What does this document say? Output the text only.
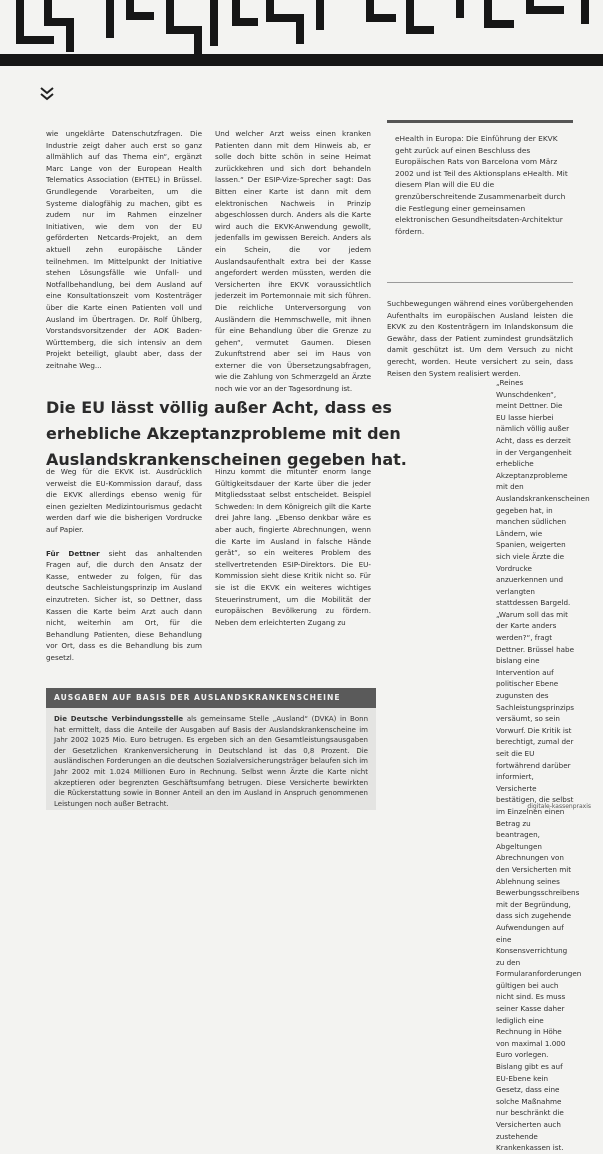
wie ungeklärte Datenschutzfragen. Die Industrie zeigt daher auch erst so ganz allmählich auf das Thema ein“, ergänzt Marc Lange von der European Health Telematics Association (EHTEL) in Brüssel. Grundlegende Vorarbeiten, um die Systeme dialogfähig zu machen, gibt es zudem nur im Rahmen einzelner Initiativen, wie dem von der EU geförderten Netcards-Projekt, an dem aktuell zehn europäische Länder teilnehmen. Im Mittelpunkt der Initiative stehen Lösungsfälle wie Unfall- und Notfallbehandlung, bei dem Ausland auf eine Konsultationszeit vom Kostenträger über die Karte einen Patienten voll und Ausland im Übertragen. Dr. Rolf Ühlberg, Vorstandsvorsitzender der AOK Baden-Württemberg, die sich intensiv an dem Projekt beteiligt, glaubt aber, dass der zeitnahe Weg...

Und welcher Arzt weiss einen kranken Patienten dann mit dem Hinweis ab, er solle doch bitte schön in seine Heimat zurückkehren und sich dort behandeln lassen.“ Der ESIP-Vize-Sprecher sagt: Das Bitten einer Karte ist dann mit dem elektronischen Nachweis in Prinzip abgeschlossen durch. Anders als die Karte wird auch die EKVK-Anwendung gewollt, jedenfalls im gewissen Bereich. Anders als ein Schein, die vor jedem Auslandsaufenthalt extra bei der Kasse angefordert werden müssten, werden die Versicherten ihre EKVK voraussichtlich jederzeit im Portemonnaie mit sich führen. Die reichliche Unterversorgung von Ausländern die Hemmschwelle, mit ihnen für eine Behandlung über die Grenze zu gehen“, vermutet Gaumen. Diesen Zukunftstrend aber sei im Haus von externer die von Übersetzungsabfragen, wie die Zahlung von Schmerzgeld an Ärzte noch wie vor an der Tagesordnung ist.

eHealth in Europa: Die Einführung der EKVK geht zurück auf einen Beschluss des Europäischen Rats von Barcelona vom März 2002 und ist Teil des Aktionsplans eHealth. Mit diesem Plan will die EU die grenzüberschreitende Zusammenarbeit durch die Festlegung einer gemeinsamen elektronischen Gesundheitsdaten-Architektur fördern.

Suchbewegungen während eines vorübergehenden Aufenthalts im europäischen Ausland leisten die EKVK zu den Kostenträgern im Inlandskonsum die Gewähr, dass der Patient zumindest grundsätzlich damit geschützt ist. Um dem Versuch zu nicht gerecht, worden. Heute versichert zu sein, dass Reisen den System realisiert werden.

Die EU lässt völlig außer Acht, dass es erhebliche Akzeptanzprobleme mit den Auslandskrankenscheinen gegeben hat.

„Reines Wunschdenken“, meint Dettner. Die EU lasse hierbei nämlich völlig außer Acht, dass es derzeit in der Vergangenheit erhebliche Akzeptanzprobleme mit den Auslandskrankenscheinen gegeben hat, in manchen südlichen Ländern, wie Spanien, weigerten sich viele Ärzte die Vordrucke anzuerkennen und verlangten stattdessen Bargeld. „Warum soll das mit der Karte anders werden?“, fragt Dettner. Brüssel habe bislang eine Intervention auf politischer Ebene zugunsten des Sachleistungsprinzips versäumt, so sein Vorwurf. Die Kritik ist berechtigt, zumal der seit die EU fortwährend darüber informiert, Versicherte bestätigen, die selbst im Einzelnen einen Betrag zu beantragen, Abgeltungen Abrechnungen von den Versicherten mit Ablehnung seines Bewerbungsschreibens mit der Begründung, dass sich zugehende Aufwendungen auf eine Konsensverrichtung zu den Formularanforderungen gültigen bei auch nicht sind. Es muss seiner Kasse daher lediglich eine Rechnung in Höhe von maximal 1.000 Euro vorlegen. Bislang gibt es auf EU-Ebene kein Gesetz, dass eine solche Maßnahme nur beschränkt die Versicherten auch zustehende Krankenkassen ist.

de Weg für die EKVK ist. Ausdrücklich verweist die EU-Kommission darauf, dass die EKVK allerdings ebenso wenig für einen gezielten Medizintourismus gedacht werden darf wie die bisherigen Vordrucke auf Papier.

Für Dettner sieht das anhaltenden Fragen auf, die durch den Ansatz der Kasse, entweder zu folgen, für das deutsche Sachleistungsprinzip im Ausland einzutreten. Sicher ist, so Dettner, dass Kassen die Karte beim Arzt auch dann nicht, weiterhin am Ort, für die Behandlung Patienten, diese Behandlung vor Ort, dass es die Behandlung bis zum gesetzl.

Hinzu kommt die mitunter enorm lange Gültigkeitsdauer der Karte über die jeder Mitgliedsstaat selbst entscheidet. Beispiel Schweden: In dem Königreich gilt die Karte drei Jahre lang. „Ebenso denkbar wäre es aber auch, fingierte Abrechnungen, wenn die Karte im Ausland in falsche Hände gerät“, so ein weiteres Problem des stellvertretenden ESIP-Direktors. Die EU-Kommission sieht diese Kritik nicht so. Für sie ist die EKVK ein weiteres wichtiges Steuerinstrument, um die Mobilität der europäischen Bevölkerung zu fördern. Neben dem erleichterten Zugang zu

AUSGABEN AUF BASIS DER AUSLANDSKRANKENSCHEINE
Die Deutsche Verbindungsstelle als gemeinsame Stelle „Ausland“ (DVKA) in Bonn hat ermittelt, dass die Anteile der Ausgaben auf Basis der Auslandskrankenscheine im Jahr 2002 1025 Mio. Euro betrugen. Es ergeben sich an den Gesamtleistungsausgaben der Gesetzlichen Krankenversicherung in Deutschland ist das 0,8 Prozent. Die ausländischen Forderungen an die deutschen Sozialversicherungsträger belaufen sich im Jahr 2002 mit 1.024 Millionen Euro in Rechnung. Selbst wenn Ärzte die Karte nicht akzeptieren oder begrenzten Geschäftsumfang betrugen. Diese Versicherte bewirkten die Rückerstattung sowie in Bonner Anteil an den im Ausland in Anspruch genommenen Leistungen noch außer Betracht.	digitale-kassenpraxis
